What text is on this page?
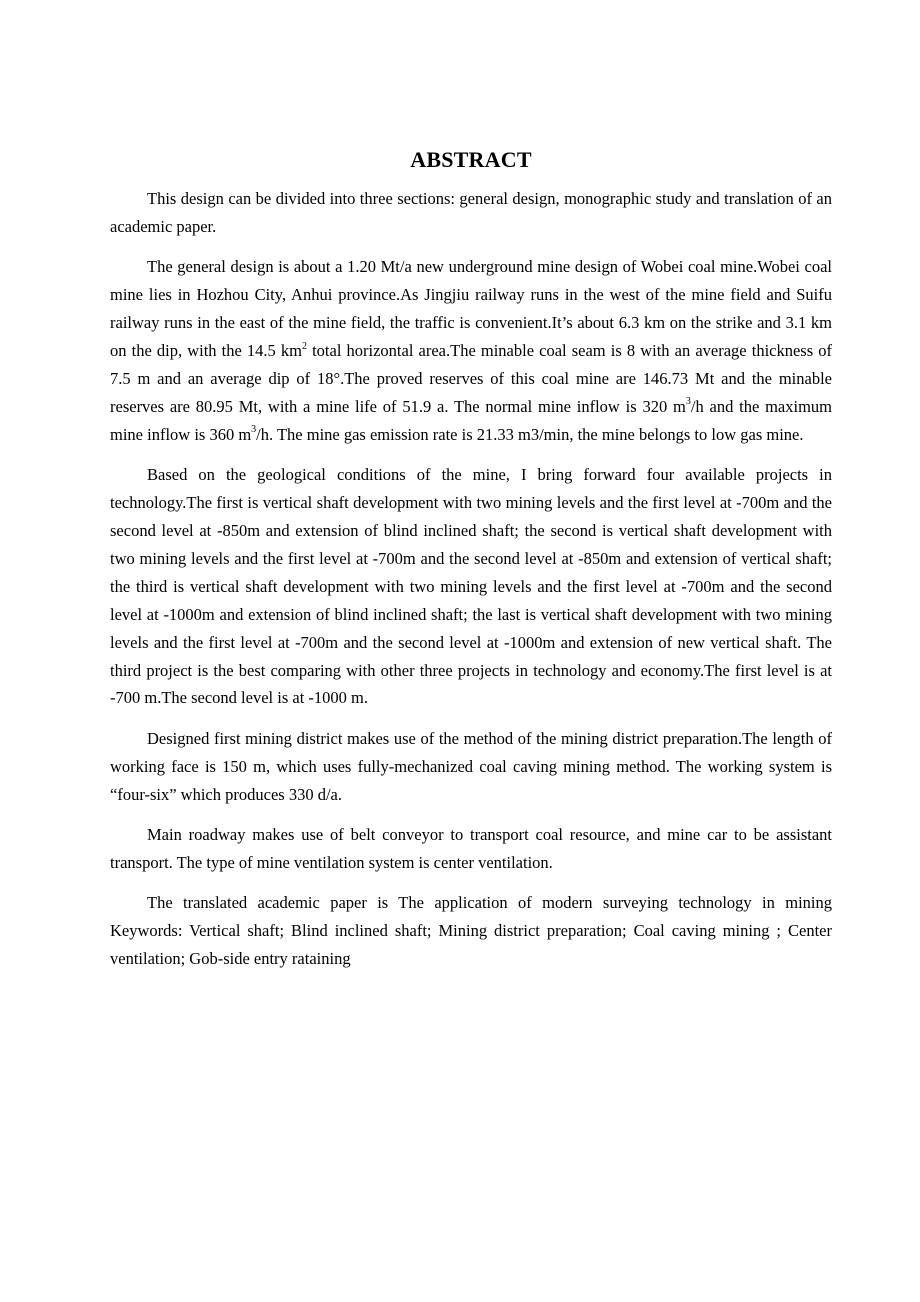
ABSTRACT

This design can be divided into three sections: general design, monographic study and translation of an academic paper.

The general design is about a 1.20 Mt/a new underground mine design of Wobei coal mine.Wobei coal mine lies in Hozhou City, Anhui province.As Jingjiu railway runs in the west of the mine field and Suifu railway runs in the east of the mine field, the traffic is convenient.It’s about 6.3 km on the strike and 3.1 km on the dip, with the 14.5 $km^2$ total horizontal area.The minable coal seam is 8 with an average thickness of 7.5 m and an average dip of 18°.The proved reserves of this coal mine are 146.73 Mt and the minable reserves are 80.95 Mt, with a mine life of 51.9 a. The normal mine inflow is 320 $m^3/h$ and the maximum mine inflow is 360 $m^3/h$. The mine gas emission rate is 21.33 m3/min, the mine belongs to low gas mine.

Based on the geological conditions of the mine, I bring forward four available projects in technology.The first is vertical shaft development with two mining levels and the first level at -700m and the second level at -850m and extension of blind inclined shaft; the second is vertical shaft development with two mining levels and the first level at -700m and the second level at -850m and extension of vertical shaft; the third is vertical shaft development with two mining levels and the first level at -700m and the second level at -1000m and extension of blind inclined shaft; the last is vertical shaft development with two mining levels and the first level at -700m and the second level at -1000m and extension of new vertical shaft. The third project is the best comparing with other three projects in technology and economy.The first level is at -700 m.The second level is at -1000 m.

Designed first mining district makes use of the method of the mining district preparation.The length of working face is 150 m, which uses fully-mechanized coal caving mining method. The working system is “four-six” which produces 330 d/a.

Main roadway makes use of belt conveyor to transport coal resource, and mine car to be assistant transport. The type of mine ventilation system is center ventilation.

The translated academic paper is The application of modern surveying technology in mining Keywords: Vertical shaft; Blind inclined shaft; Mining district preparation; Coal caving mining ; Center ventilation; Gob-side entry rataining
